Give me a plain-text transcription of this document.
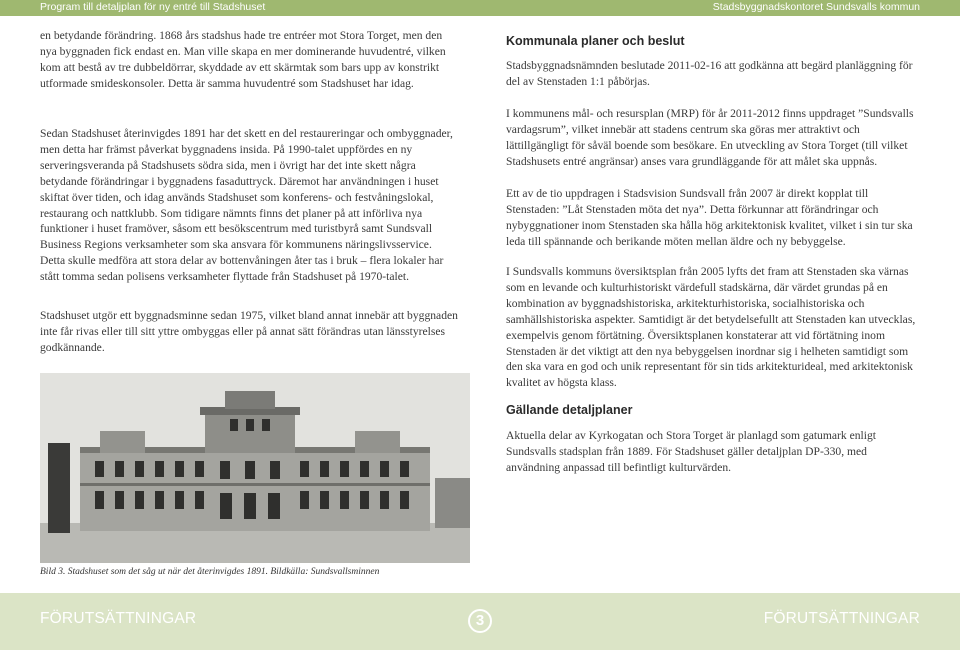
Program till detaljplan för ny entré till Stadshuset	Stadsbyggnadskontoret Sundsvalls kommun

en betydande förändring. 1868 års stadshus hade tre entréer mot Stora Torget, men den nya byggnaden fick endast en. Man ville skapa en mer dominerande huvudentré, vilken kom att bestå av tre dubbeldörrar, skyddade av ett skärmtak som bars upp av konstrikt utformade smideskonsoler. Detta är samma huvudentré som Stadshuset har idag.

Sedan Stadshuset återinvigdes 1891 har det skett en del restaureringar och ombyggnader, men detta har främst påverkat byggnadens insida. På 1990-talet uppfördes en ny serveringsveranda på Stadshusets södra sida, men i övrigt har det inte skett några betydande förändringar i byggnadens fasaduttryck. Däremot har användningen i huset skiftat över tiden, och idag används Stadshuset som konferens- och festvåningslokal, restaurang och nattklubb. Som tidigare nämnts finns det planer på att införliva nya funktioner i huset framöver, såsom ett besökscentrum med turistbyrå samt Sundsvall Business Regions verksamheter som ska ansvara för kommunens näringslivsservice. Detta skulle medföra att stora delar av bottenvåningen åter tas i bruk – flera lokaler har stått tomma sedan polisens verksamheter flyttade från Stadshuset på 1970-talet.

Stadshuset utgör ett byggnadsminne sedan 1975, vilket bland annat innebär att byggnaden inte får rivas eller till sitt yttre ombyggas eller på annat sätt förändras utan länsstyrelses godkännande.

Bild 3. Stadshuset som det såg ut när det återinvigdes 1891. Bildkälla: Sundsvallsminnen

Kommunala planer och beslut

Stadsbyggnadsnämnden beslutade 2011-02-16 att godkänna att begärd planläggning för del av Stenstaden 1:1 påbörjas.

I kommunens mål- och resursplan (MRP) för år 2011-2012 finns uppdraget ”Sundsvalls vardagsrum”, vilket innebär att stadens centrum ska göras mer attraktivt och lättillgängligt för såväl boende som besökare. En utveckling av Stora Torget (till vilket Stadshusets entré angränsar) anses vara grundläggande för att målet ska uppnås.

Ett av de tio uppdragen i Stadsvision Sundsvall från 2007 är direkt kopplat till Stenstaden: ”Låt Stenstaden möta det nya”. Detta förkunnar att förändringar och nybyggnationer inom Stenstaden ska hålla hög arkitektonisk kvalitet, vilket i sin tur ska leda till spännande och berikande möten mellan äldre och ny bebyggelse.

I Sundsvalls kommuns översiktsplan från 2005 lyfts det fram att Stenstaden ska värnas som en levande och kulturhistoriskt värdefull stadskärna, där värdet grundas på en kombination av byggnadshistoriska, arkitekturhistoriska, socialhistoriska och samhällshistoriska aspekter. Samtidigt är det betydelsefullt att Stenstaden kan utvecklas, exempelvis genom förtätning. Översiktsplanen konstaterar att vid förtätning inom Stenstaden är det viktigt att den nya bebyggelsen inordnar sig i helheten samtidigt som den ska vara en god och unik representant för sin tids arkitekturideal, med arkitektonisk kvalitet av högsta klass.

Gällande detaljplaner

Aktuella delar av Kyrkogatan och Stora Torget är planlagd som gatumark enligt Sundsvalls stadsplan från 1889. För Stadshuset gäller detaljplan DP-330, med användning anpassad till befintligt kulturvärden.

FÖRUTSÄTTNINGAR	3	FÖRUTSÄTTNINGAR
